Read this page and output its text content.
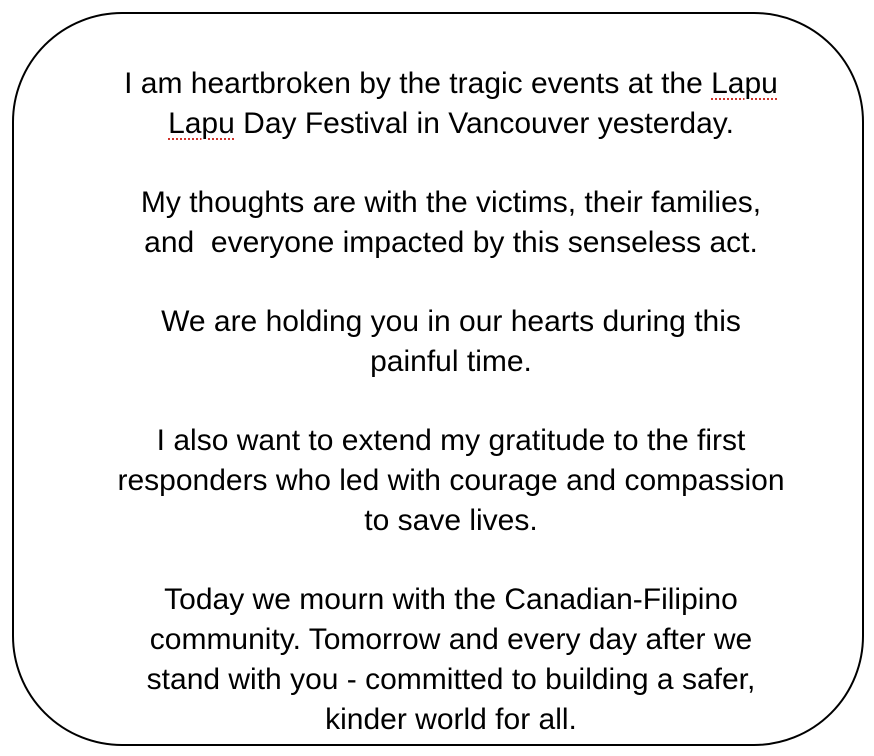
I am heartbroken by the tragic events at the Lapu
Lapu Day Festival in Vancouver yesterday.

My thoughts are with the victims, their families,
and  everyone impacted by this senseless act.

We are holding you in our hearts during this
painful time.

I also want to extend my gratitude to the first
responders who led with courage and compassion
to save lives.

Today we mourn with the Canadian-Filipino
community. Tomorrow and every day after we
stand with you - committed to building a safer,
kinder world for all.
